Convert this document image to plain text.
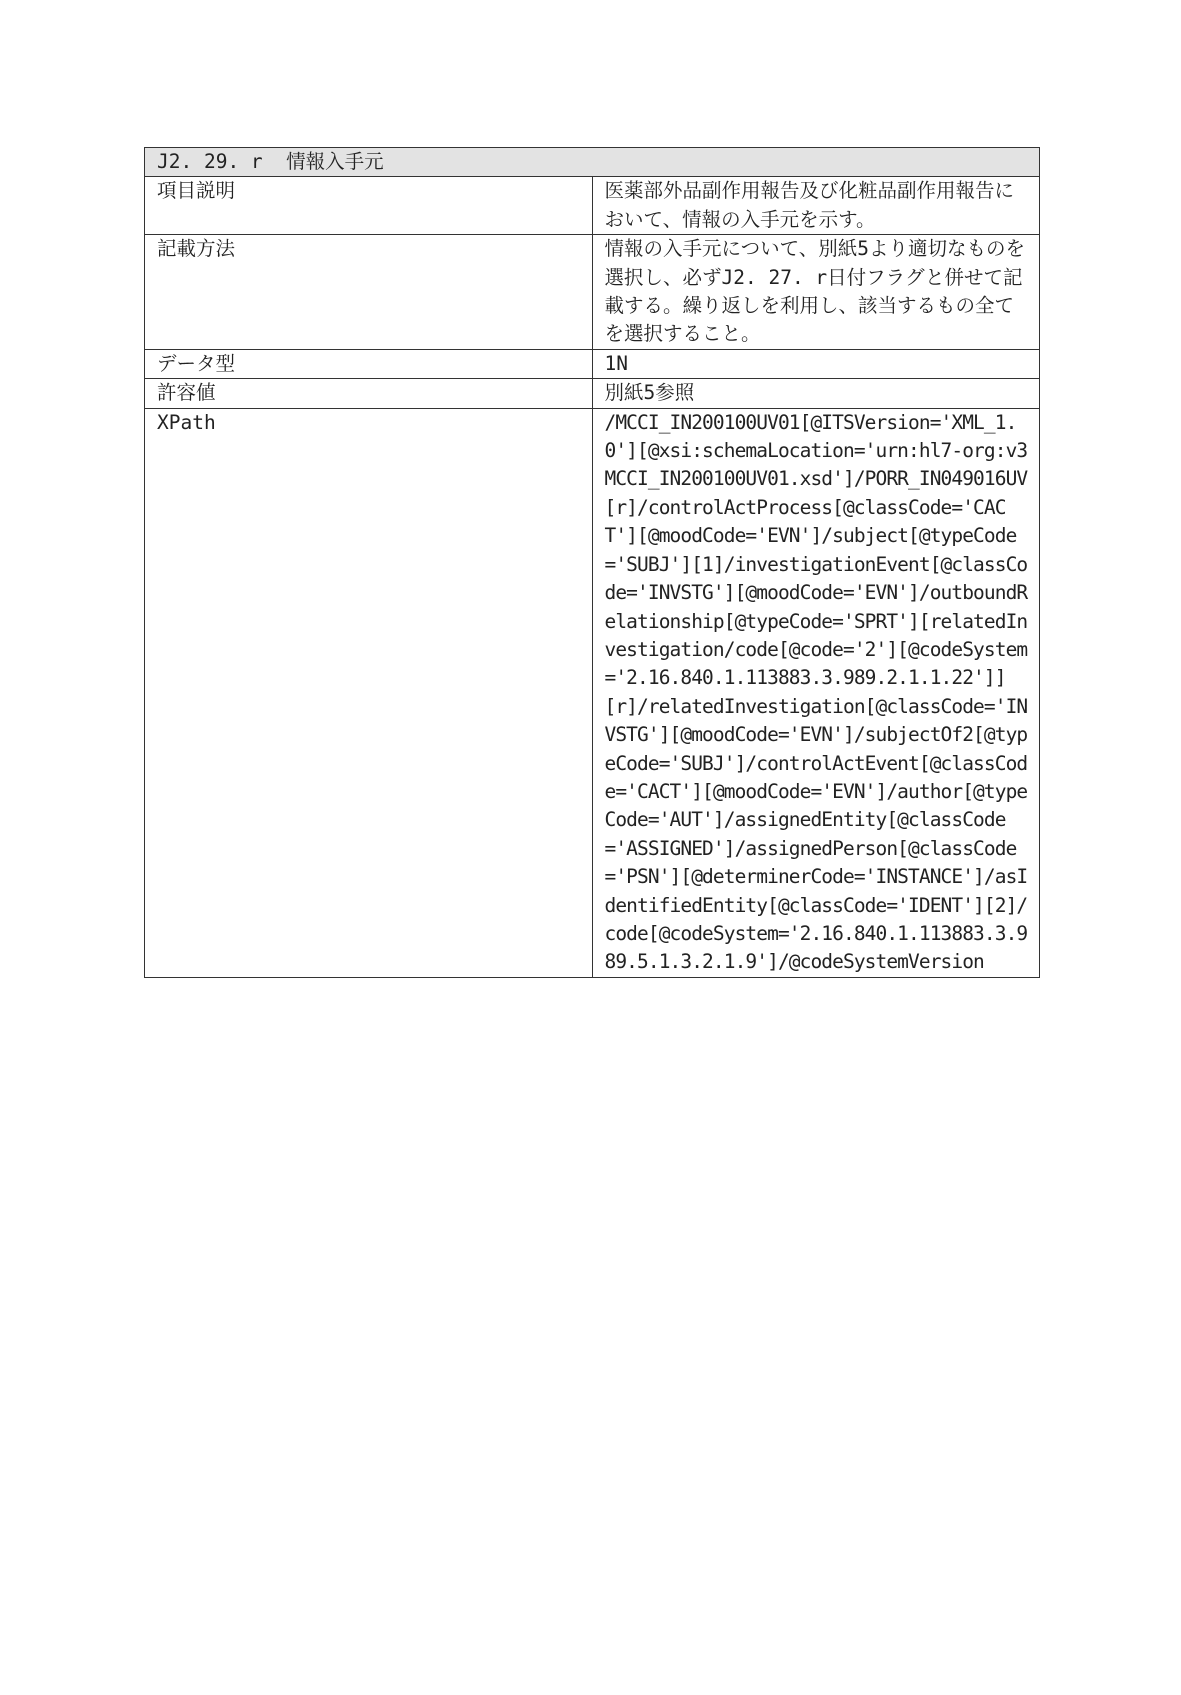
J2. 29. r  情報入手元	
項目説明	医薬部外品副作用報告及び化粧品副作用報告において、情報の入手元を示す。
記載方法	情報の入手元について、別紙5より適切なものを選択し、必ずJ2. 27. r日付フラグと併せて記載する。繰り返しを利用し、該当するもの全てを選択すること。
データ型	1N
許容値	別紙5参照
XPath	/MCCI_IN200100UV01[@ITSVersion='XML_1.0'][@xsi:schemaLocation='urn:hl7-org:v3
MCCI_IN200100UV01.xsd']/PORR_IN049016UV[r]/controlActProcess[@classCode='CACT'][@moodCode='EVN']/subject[@typeCode='SUBJ'][1]/investigationEvent[@classCode='INVSTG'][@moodCode='EVN']/outboundRelationship[@typeCode='SPRT'][relatedInvestigation/code[@code='2'][@codeSystem='2.16.840.1.113883.3.989.2.1.1.22']][r]/relatedInvestigation[@classCode='INVSTG'][@moodCode='EVN']/subjectOf2[@typeCode='SUBJ']/controlActEvent[@classCode='CACT'][@moodCode='EVN']/author[@typeCode='AUT']/assignedEntity[@classCode='ASSIGNED']/assignedPerson[@classCode='PSN'][@determinerCode='INSTANCE']/asIdentifiedEntity[@classCode='IDENT'][2]/code[@codeSystem='2.16.840.1.113883.3.989.5.1.3.2.1.9']/@codeSystemVersion
